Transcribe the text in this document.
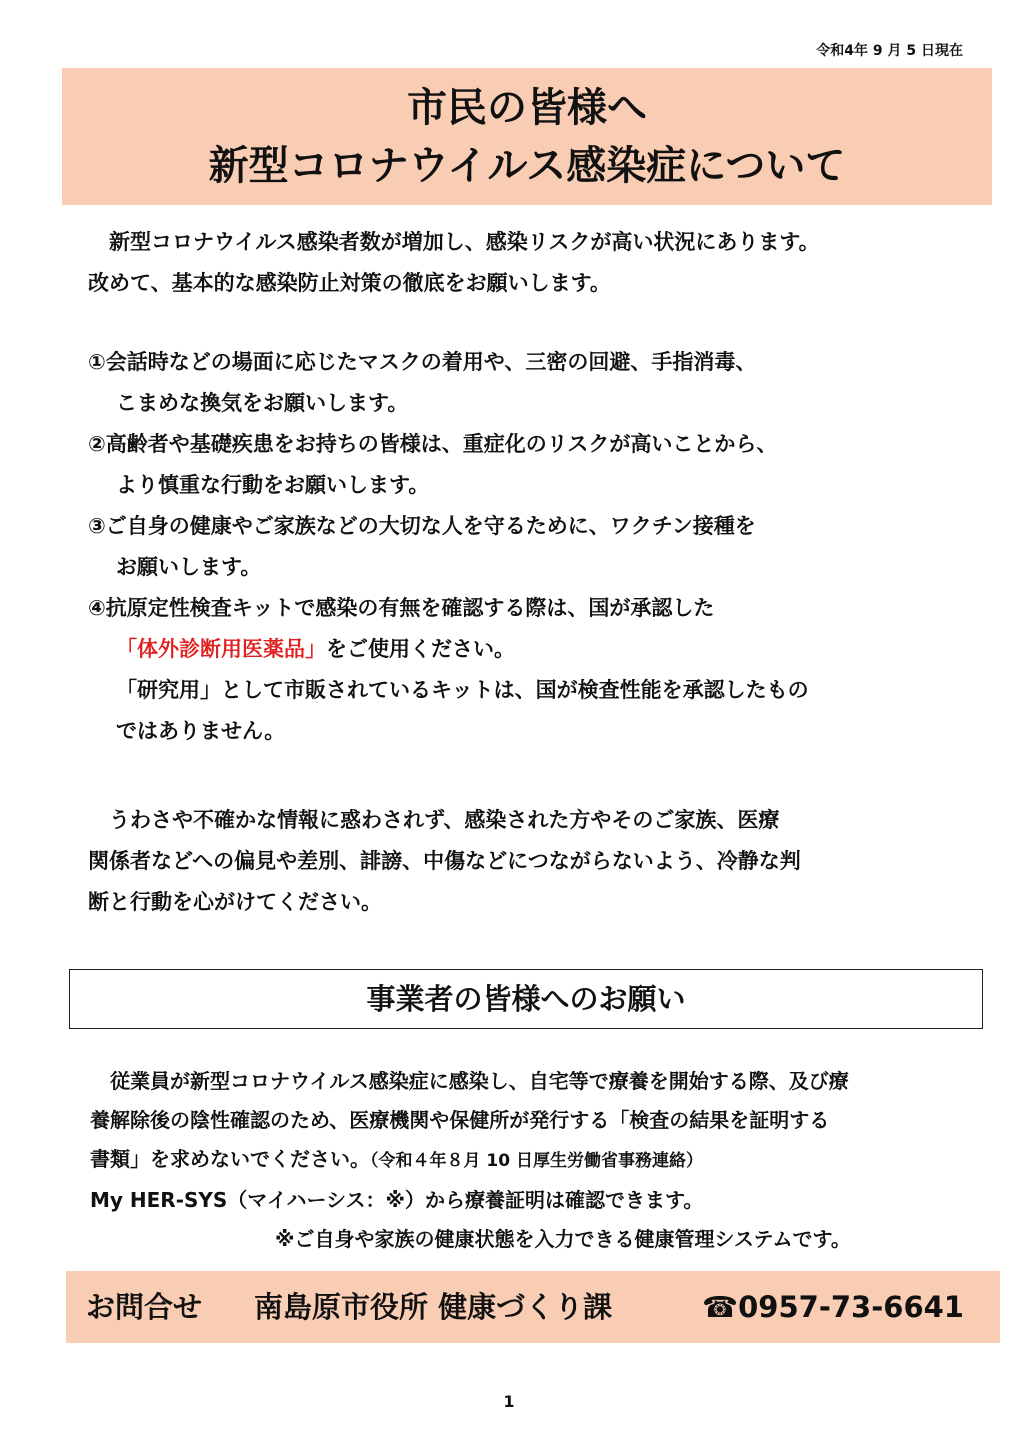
令和4年 9 月 5 日現在
市民の皆様へ
新型コロナウイルス感染症について
　新型コロナウイルス感染者数が増加し、感染リスクが高い状況にあります。
改めて、基本的な感染防止対策の徹底をお願いします。
①会話時などの場面に応じたマスクの着用や、三密の回避、手指消毒、
こまめな換気をお願いします。
②高齢者や基礎疾患をお持ちの皆様は、重症化のリスクが高いことから、
より慎重な行動をお願いします。
③ご自身の健康やご家族などの大切な人を守るために、ワクチン接種を
お願いします。
④抗原定性検査キットで感染の有無を確認する際は、国が承認した
「体外診断用医薬品」をご使用ください。
「研究用」として市販されているキットは、国が検査性能を承認したもの
ではありません。
　うわさや不確かな情報に惑わされず、感染された方やそのご家族、医療
関係者などへの偏見や差別、誹謗、中傷などにつながらないよう、冷静な判
断と行動を心がけてください。
事業者の皆様へのお願い
　従業員が新型コロナウイルス感染症に感染し、自宅等で療養を開始する際、及び療
養解除後の陰性確認のため、医療機関や保健所が発行する「検査の結果を証明する
書類」を求めないでください。（令和４年８月 10 日厚生労働省事務連絡）
My HER-SYS（マイハーシス：※）から療養証明は確認できます。
※ご自身や家族の健康状態を入力できる健康管理システムです。
お問合せ 南島原市役所 健康づくり課	☎0957-73-6641
1
